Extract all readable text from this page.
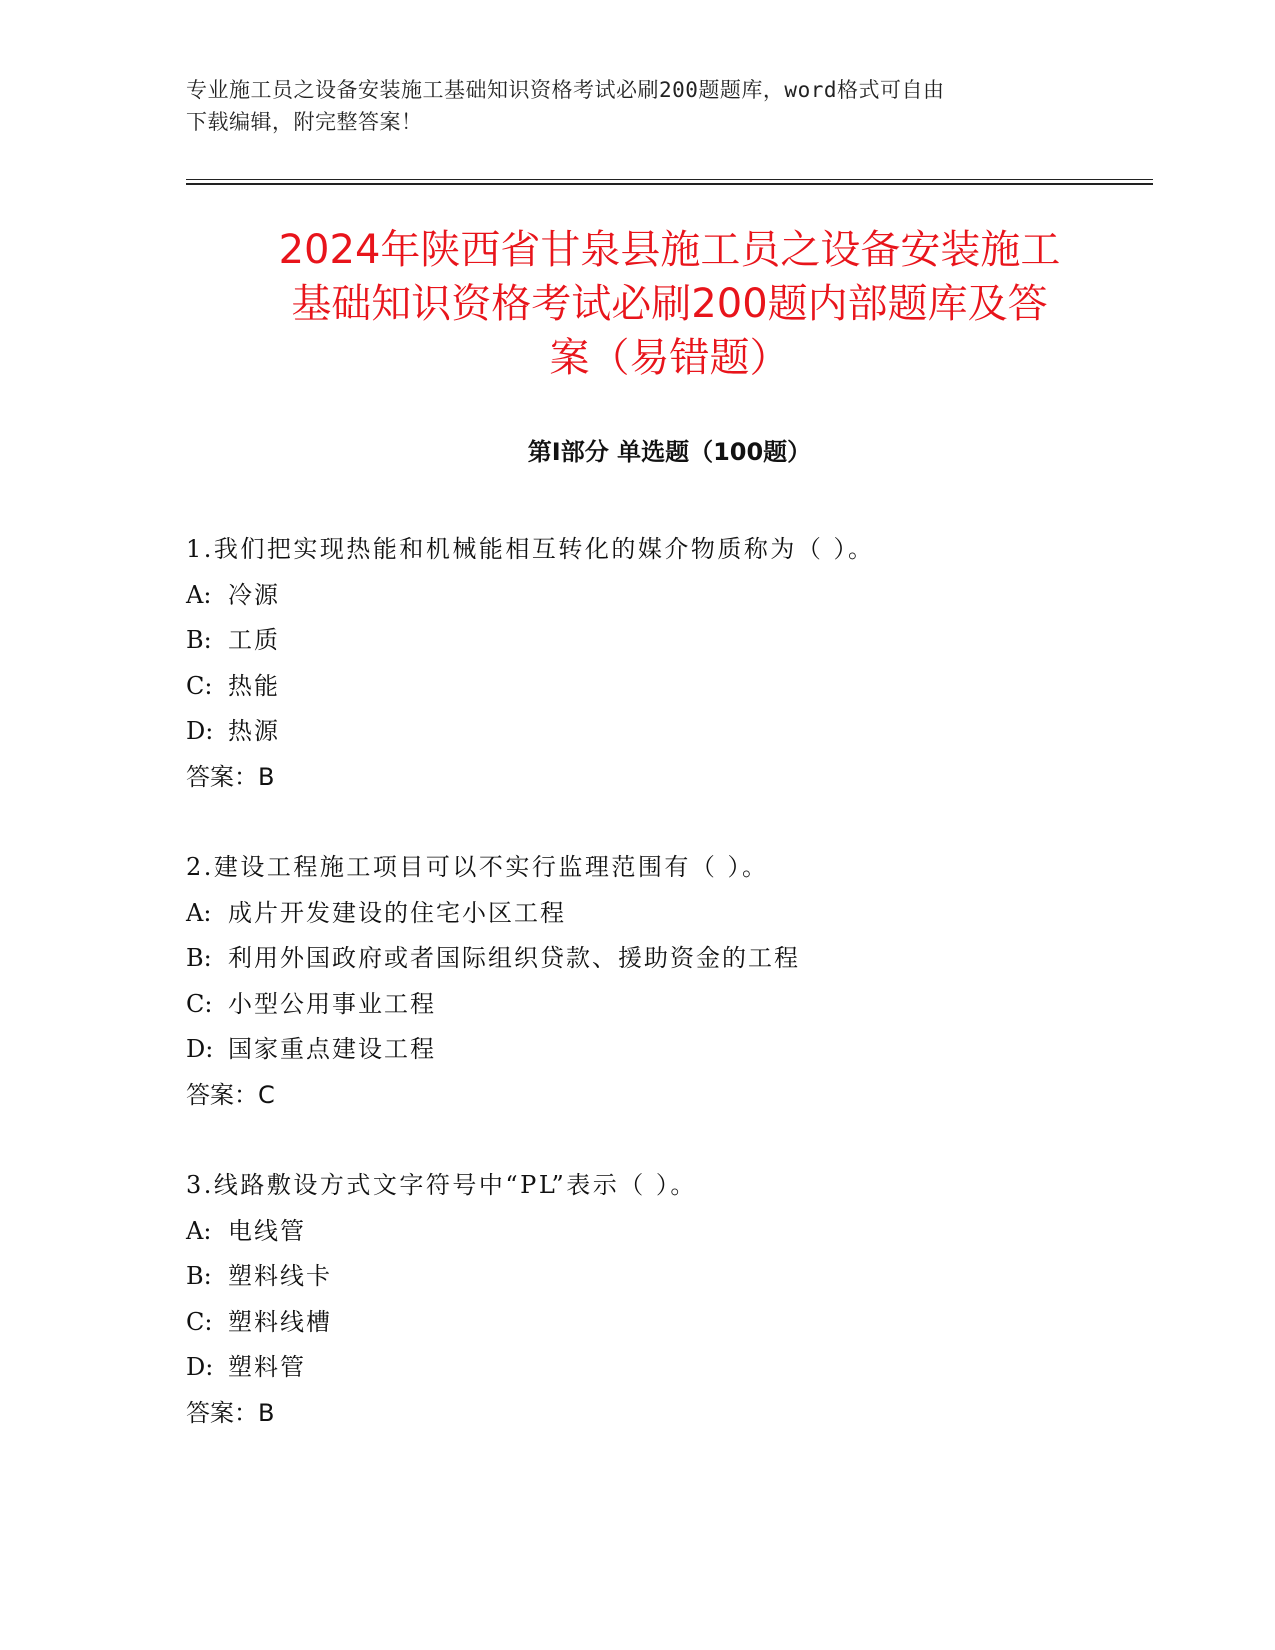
专业施工员之设备安装施工基础知识资格考试必刷200题题库，word格式可自由
下载编辑，附完整答案！
2024年陕西省甘泉县施工员之设备安装施工
基础知识资格考试必刷200题内部题库及答
案（易错题）
第Ⅰ部分 单选题（100题）
1.我们把实现热能和机械能相互转化的媒介物质称为（ ）。
A: 冷源
B: 工质
C: 热能
D: 热源
答案：B
2.建设工程施工项目可以不实行监理范围有（ ）。
A: 成片开发建设的住宅小区工程
B: 利用外国政府或者国际组织贷款、援助资金的工程
C: 小型公用事业工程
D: 国家重点建设工程
答案：C
3.线路敷设方式文字符号中“PL”表示（ ）。
A: 电线管
B: 塑料线卡
C: 塑料线槽
D: 塑料管
答案：B
